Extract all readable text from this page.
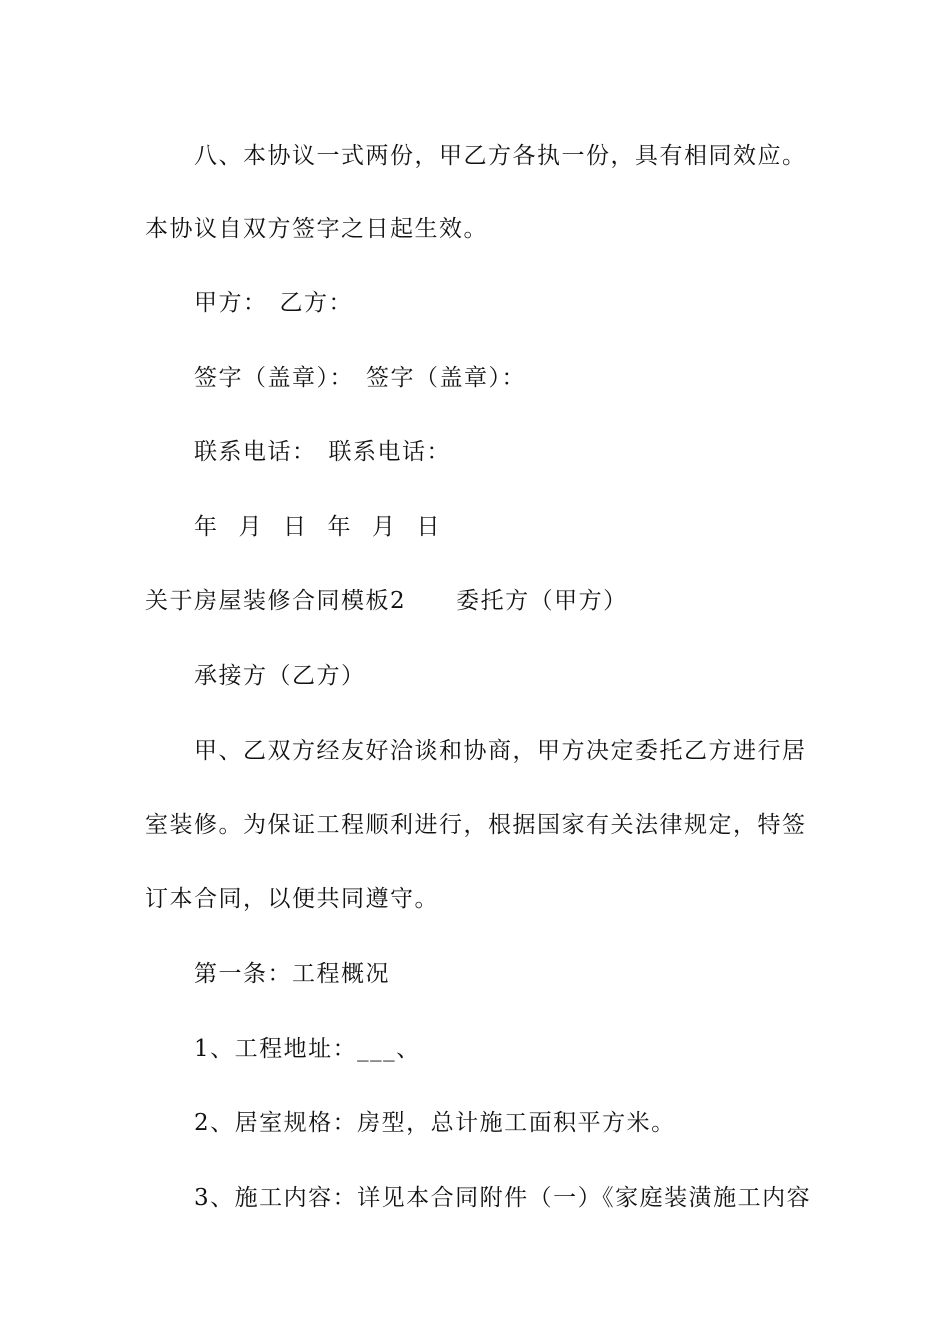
八、本协议一式两份，甲乙方各执一份，具有相同效应。
本协议自双方签字之日起生效。
甲方： 乙方：
签字（盖章）： 签字（盖章）：
联系电话： 联系电话：
年 月 日 年 月 日
关于房屋装修合同模板2 委托方（甲方）
承接方（乙方）
甲、乙双方经友好洽谈和协商，甲方决定委托乙方进行居
室装修。为保证工程顺利进行，根据国家有关法律规定，特签
订本合同，以便共同遵守。
第一条：工程概况
1、工程地址：___、
2、居室规格：房型，总计施工面积平方米。
3、施工内容：详见本合同附件（一）《家庭装潢施工内容
